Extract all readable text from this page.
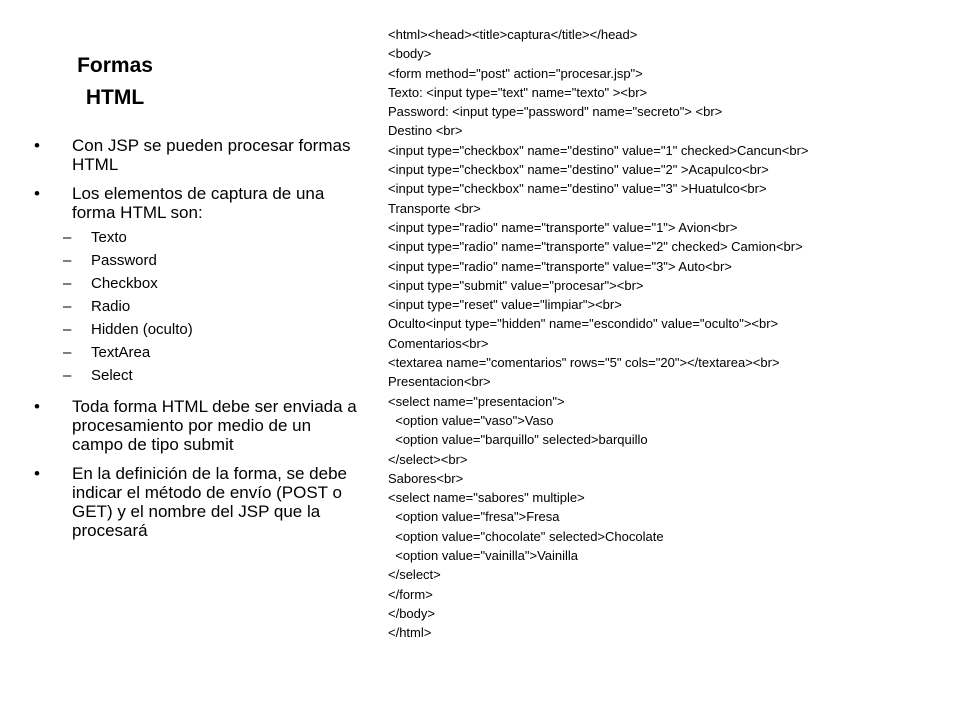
Formas
HTML
• Con JSP se pueden procesar formas HTML
• Los elementos de captura de una forma HTML son:
– Texto
– Password
– Checkbox
– Radio
– Hidden (oculto)
– TextArea
– Select
• Toda forma HTML debe ser enviada a procesamiento por medio de un campo de tipo submit
• En la definición de la forma, se debe indicar el método de envío (POST o GET) y el nombre del JSP que la procesará
<html><head><title>captura</title></head>
<body>
<form method="post" action="procesar.jsp">
Texto: <input type="text" name="texto" ><br>
Password: <input type="password" name="secreto"> <br>
Destino <br>
<input type="checkbox" name="destino" value="1" checked>Cancun<br>
<input type="checkbox" name="destino" value="2" >Acapulco<br>
<input type="checkbox" name="destino" value="3" >Huatulco<br>
Transporte <br>
<input type="radio" name="transporte" value="1"> Avion<br>
<input type="radio" name="transporte" value="2" checked> Camion<br>
<input type="radio" name="transporte" value="3"> Auto<br>
<input type="submit" value="procesar"><br>
<input type="reset" value="limpiar"><br>
Oculto<input type="hidden" name="escondido" value="oculto"><br>
Comentarios<br>
<textarea name="comentarios" rows="5" cols="20"></textarea><br>
Presentacion<br>
<select name="presentacion">
<option value="vaso">Vaso
<option value="barquillo" selected>barquillo
</select><br>
Sabores<br>
<select name="sabores" multiple>
<option value="fresa">Fresa
<option value="chocolate" selected>Chocolate
<option value="vainilla">Vainilla
</select>
</form>
</body>
</html>
